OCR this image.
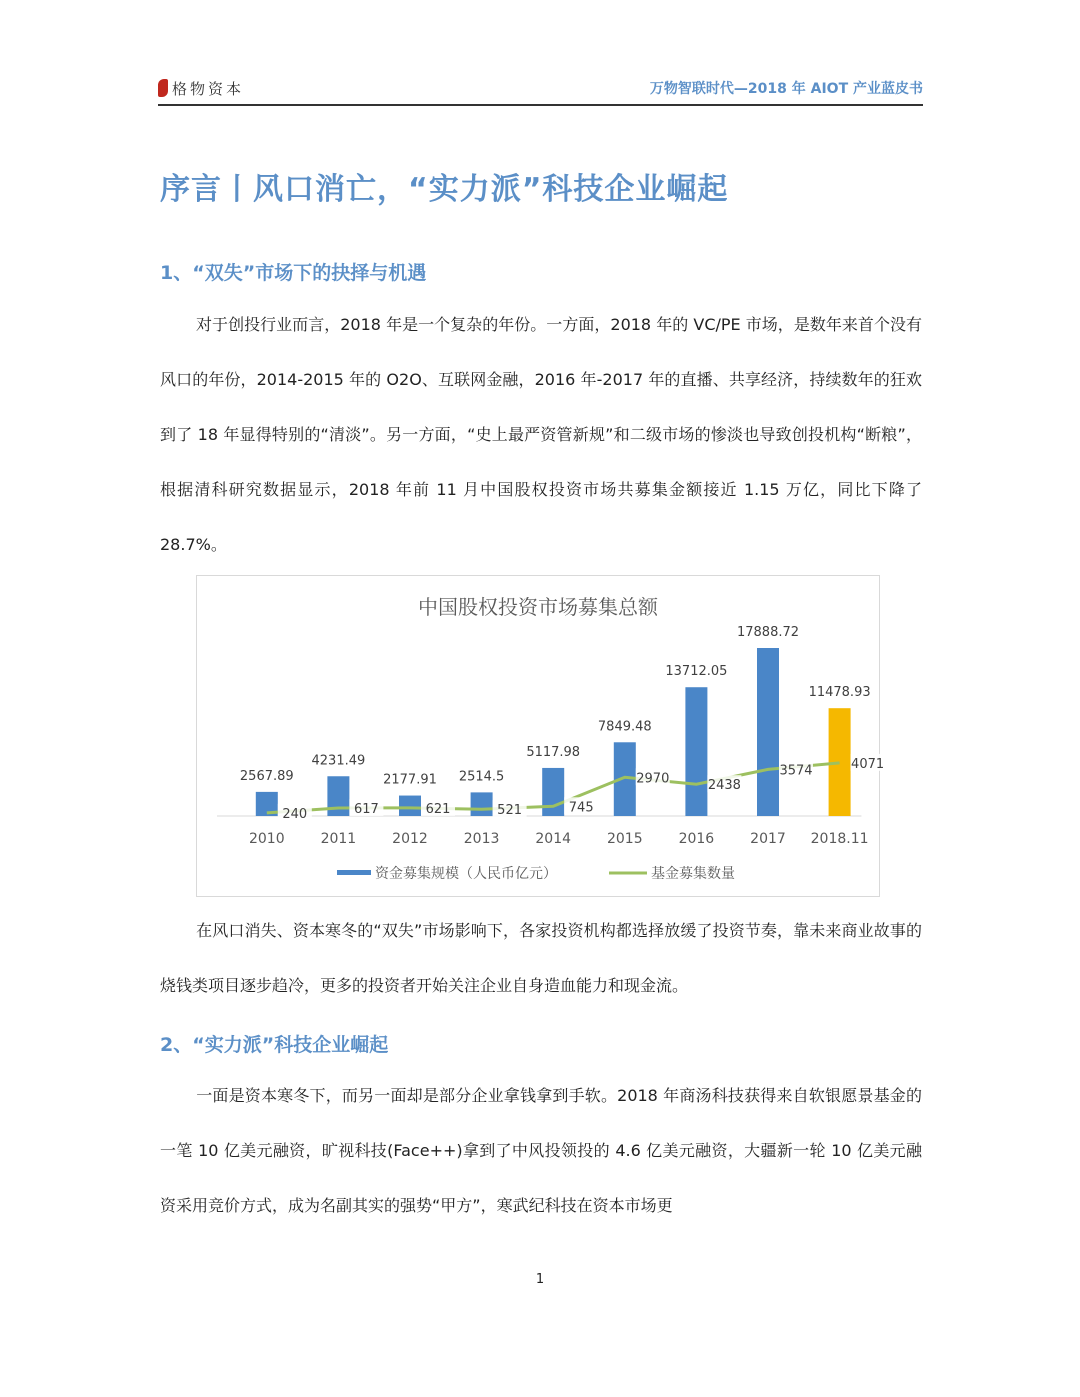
格物资本	万物智联时代—2018 年 AIOT 产业蓝皮书
序言丨风口消亡，“实力派”科技企业崛起
1、“双失”市场下的抉择与机遇

对于创投行业而言，2018 年是一个复杂的年份。一方面，2018 年的 VC/PE 市场，是数年来首个没有风口的年份，2014-2015 年的 O2O、互联网金融，2016 年-2017 年的直播、共享经济，持续数年的狂欢到了 18 年显得特别的“清淡”。另一方面，“史上最严资管新规”和二级市场的惨淡也导致创投机构“断粮”，根据清科研究数据显示，2018 年前 11 月中国股权投资市场共募集金额接近 1.15 万亿，同比下降了 28.7%。

中国股权投资市场募集总额
2567.89
2010
4231.49
2011
2177.91
2012
2514.5
2013
5117.98
2014
7849.48
2015
13712.05
2016
17888.72
2017
11478.93
2018.11
240	617	621	521	745
2970	2438
3574	4071
资金募集规模（人民币亿元）	基金募集数量

在风口消失、资本寒冬的“双失”市场影响下，各家投资机构都选择放缓了投资节奏，靠未来商业故事的烧钱类项目逐步趋冷，更多的投资者开始关注企业自身造血能力和现金流。

2、“实力派”科技企业崛起

一面是资本寒冬下，而另一面却是部分企业拿钱拿到手软。2018 年商汤科技获得来自软银愿景基金的一笔 10 亿美元融资，旷视科技(Face++)拿到了中风投领投的 4.6 亿美元融资，大疆新一轮 10 亿美元融资采用竞价方式，成为名副其实的强势“甲方”，寒武纪科技在资本市场更

1
